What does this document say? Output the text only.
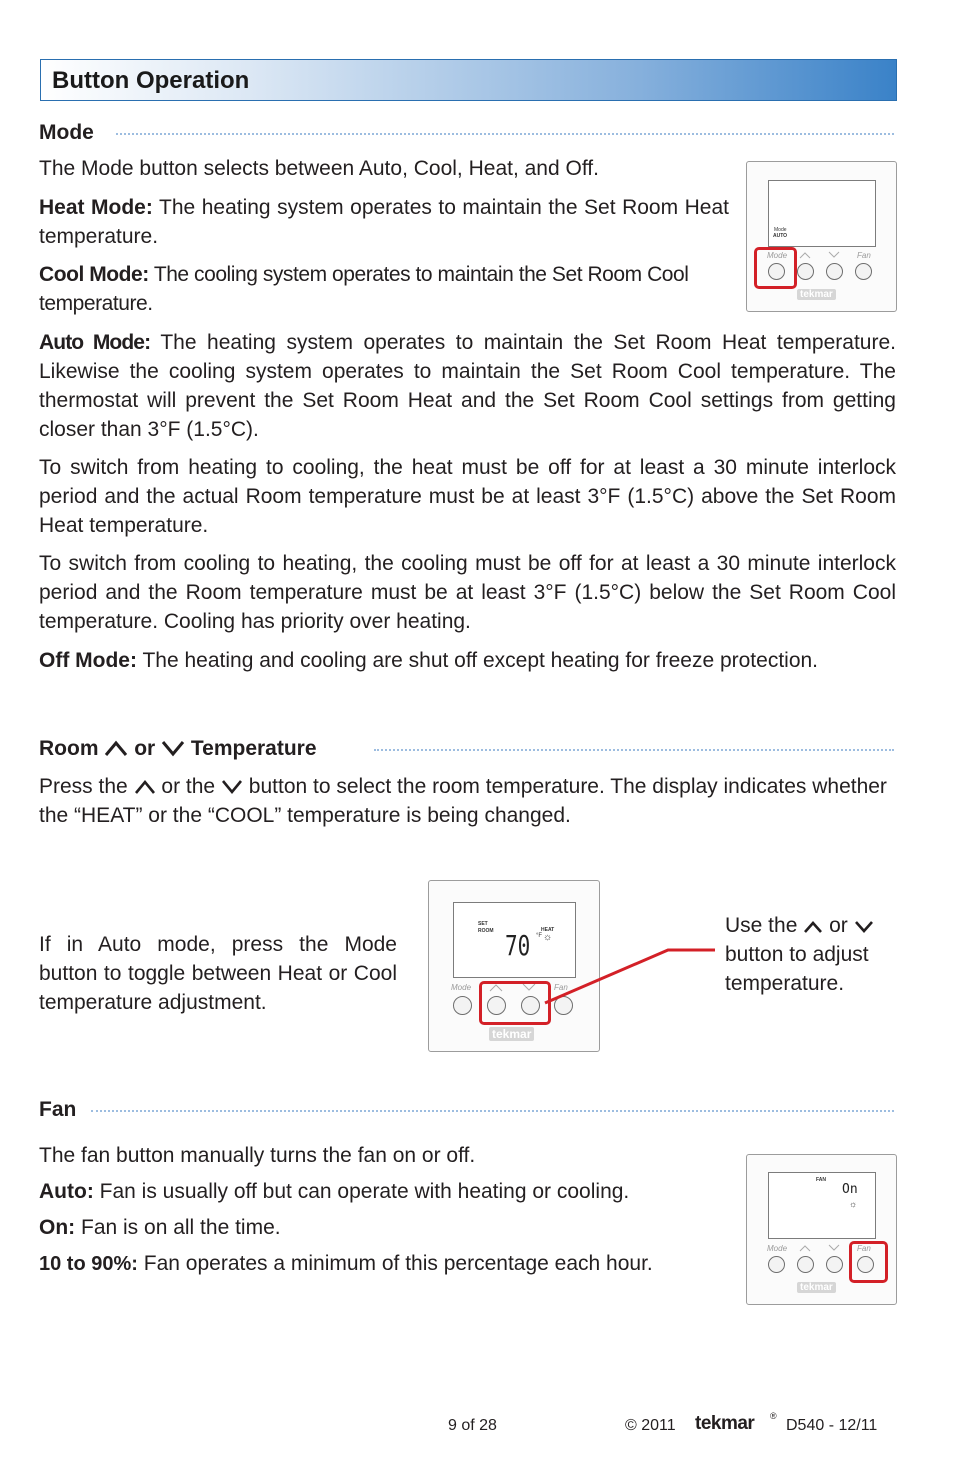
Button Operation
Mode

The Mode button selects between Auto, Cool, Heat, and Off.

Heat Mode: The heating system operates to maintain the Set Room Heat temperature.

Cool Mode: The cooling system operates to maintain the Set Room Cool temperature.

Auto Mode: The heating system operates to maintain the Set Room Heat temperature. Likewise the cooling system operates to maintain the Set Room Cool temperature. The thermostat will prevent the Set Room Heat and the Set Room Cool settings from getting closer than 3°F (1.5°C).

To switch from heating to cooling, the heat must be off for at least a 30 minute interlock period and the actual Room temperature must be at least 3°F (1.5°C) above the Set Room Heat temperature.

To switch from cooling to heating, the cooling must be off for at least a 30 minute interlock period and the Room temperature must be at least 3°F (1.5°C) below the Set Room Cool temperature. Cooling has priority over heating.

Off Mode: The heating and cooling are shut off except heating for freeze protection.

Mode
AUTO
Mode	Fan
tekmar
Room or Temperature

Press the or the button to select the room temperature. The display indicates whether the “HEAT” or the “COOL” temperature is being changed.

If in Auto mode, press the Mode button to toggle between Heat or Cool temperature adjustment.

SET
ROOM 70 °F
HEAT
☼
Mode	Fan
tekmar

Use the or  button to adjust temperature.

Fan

The fan button manually turns the fan on or off.

Auto: Fan is usually off but can operate with heating or cooling.

On: Fan is on all the time.

10 to 90%: Fan operates a minimum of this percentage each hour.

FAN
On
☼
Mode	Fan
tekmar
9 of 28	© 2011 tekmar ®
D540 - 12/11
